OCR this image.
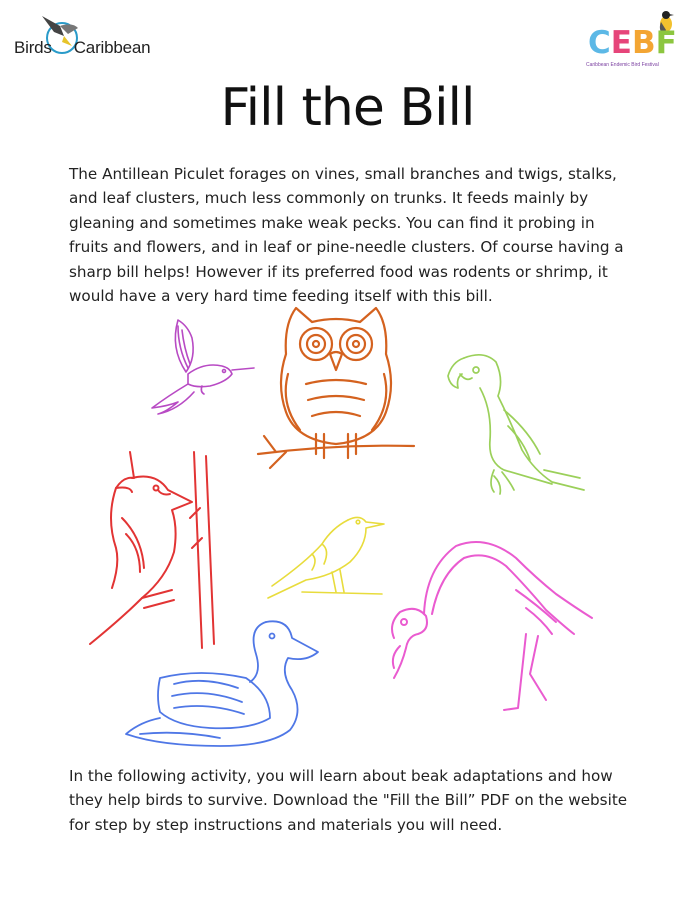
Birds Caribbean	CEBF
Caribbean Endemic Bird Festival
Fill the Bill

The Antillean Piculet forages on vines, small branches and twigs, stalks, and leaf clusters, much less commonly on trunks. It feeds mainly by gleaning and sometimes make weak pecks. You can find it probing in fruits and flowers, and in leaf or pine-needle clusters. Of course having a sharp bill helps! However if its preferred food was rodents or shrimp, it would have a very hard time feeding itself with this bill.

In the following activity, you will learn about beak adaptations and how they help birds to survive. Download the "Fill the Bill” PDF on the website for step by step instructions and materials you will need.
